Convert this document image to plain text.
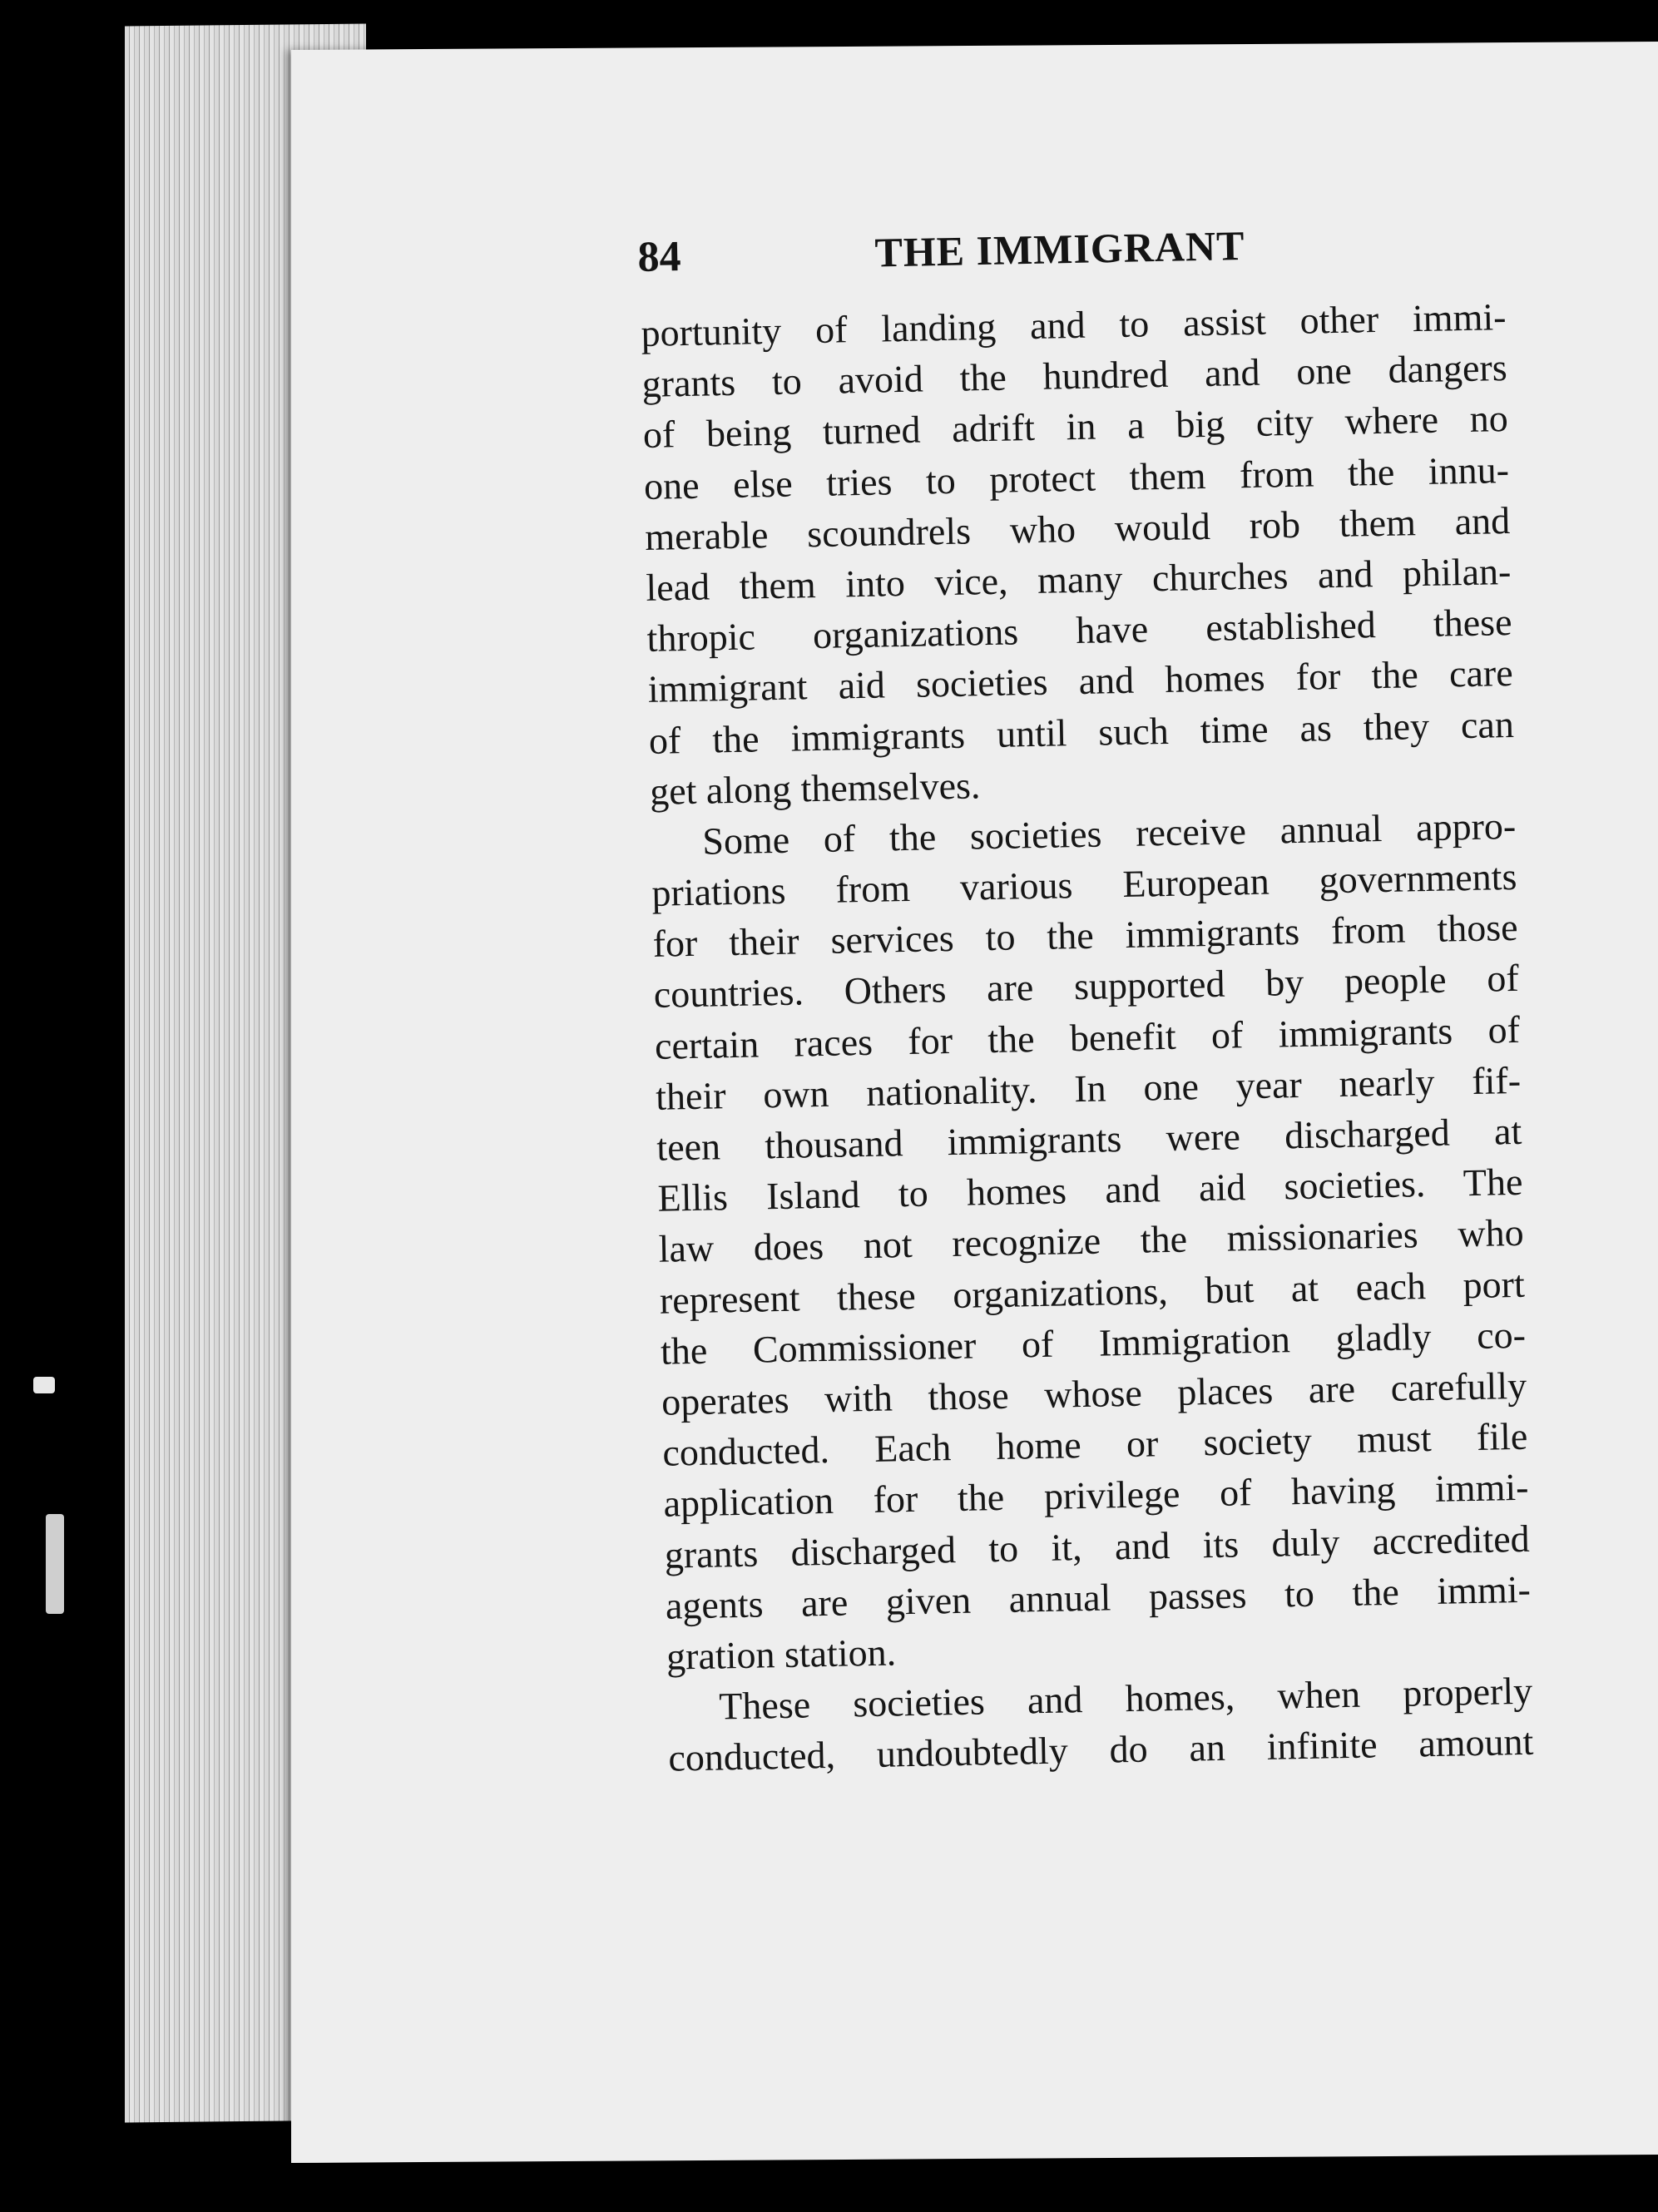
84	THE IMMIGRANT
portunity of landing and to assist other immi-
grants to avoid the hundred and one dangers
of being turned adrift in a big city where no
one else tries to protect them from the innu-
merable scoundrels who would rob them and
lead them into vice, many churches and philan-
thropic organizations have established these
immigrant aid societies and homes for the care
of the immigrants until such time as they can
get along themselves.
Some of the societies receive annual appro-
priations from various European governments
for their services to the immigrants from those
countries. Others are supported by people of
certain races for the benefit of immigrants of
their own nationality. In one year nearly fif-
teen thousand immigrants were discharged at
Ellis Island to homes and aid societies. The
law does not recognize the missionaries who
represent these organizations, but at each port
the Commissioner of Immigration gladly co-
operates with those whose places are carefully
conducted. Each home or society must file
application for the privilege of having immi-
grants discharged to it, and its duly accredited
agents are given annual passes to the immi-
gration station.
These societies and homes, when properly
conducted, undoubtedly do an infinite amount
